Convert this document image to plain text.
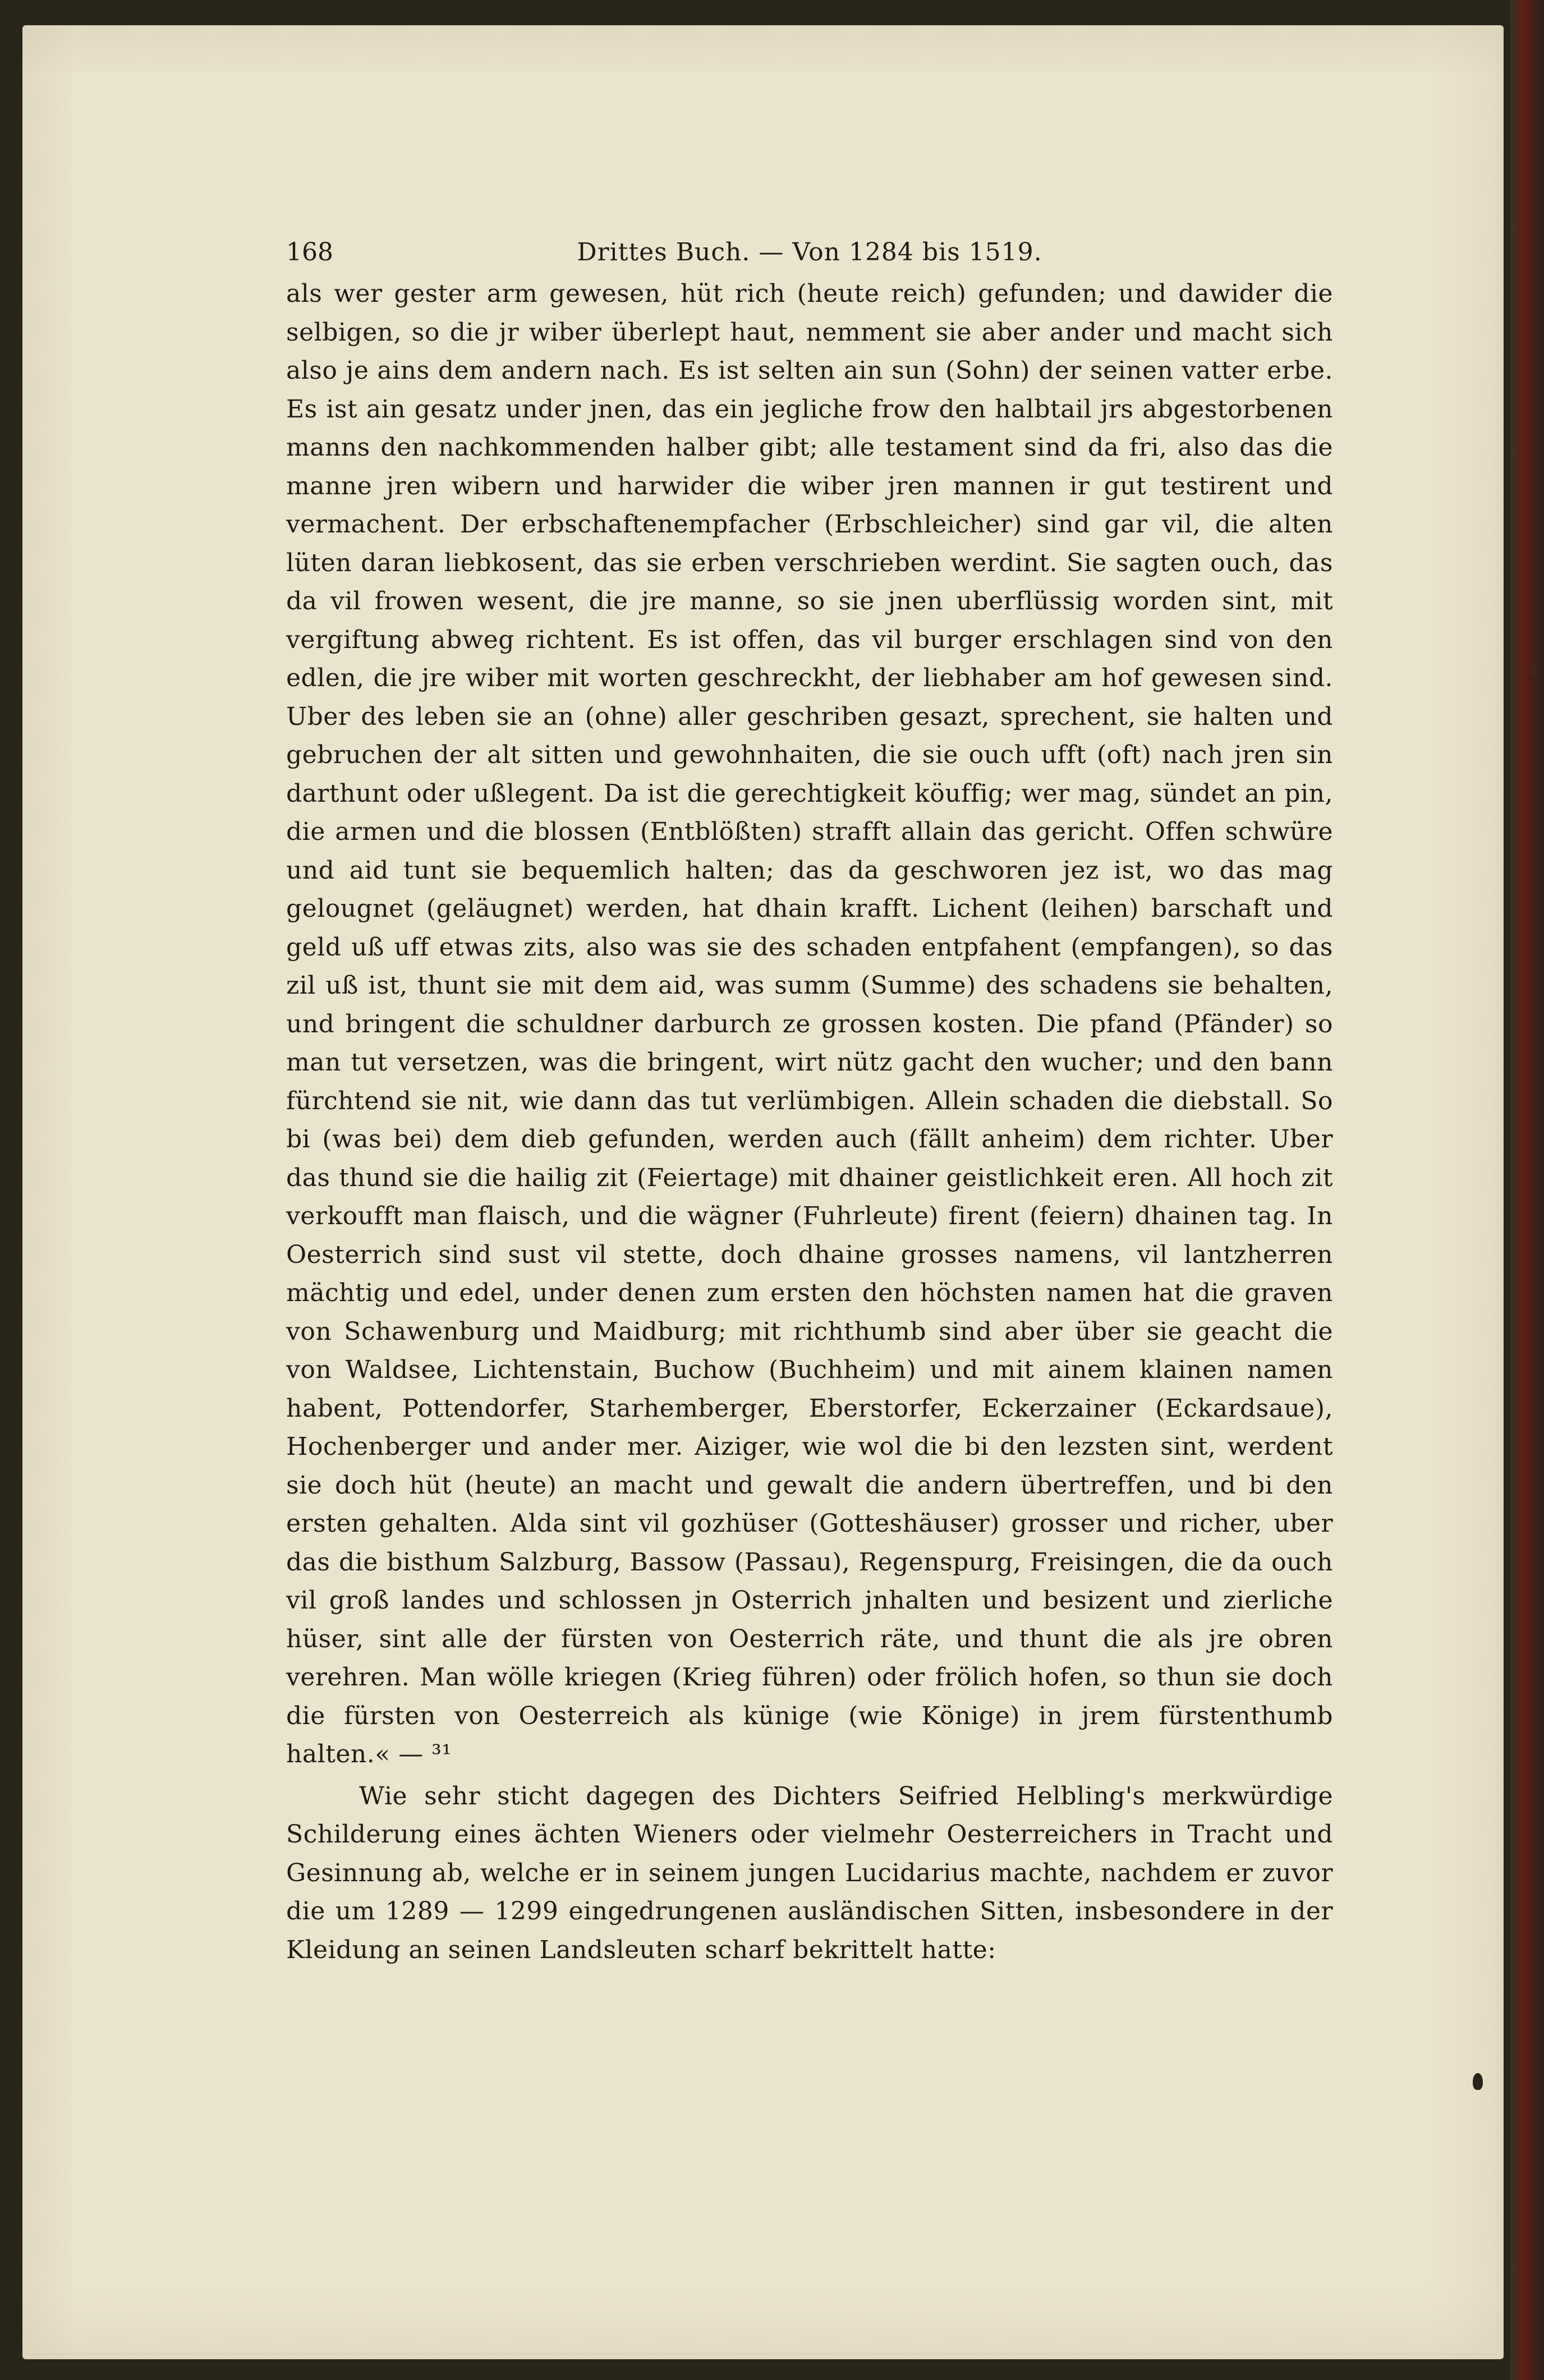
168	Drittes Buch. — Von 1284 bis 1519.

als wer gester arm gewesen, hüt rich (heute reich) gefunden; und dawider die selbigen, so die jr wiber überlept haut, nemment sie aber ander und macht sich also je ains dem andern nach. Es ist selten ain sun (Sohn) der seinen vatter erbe. Es ist ain gesatz under jnen, das ein jegliche frow den halbtail jrs abgestorbenen manns den nachkommenden halber gibt; alle testament sind da fri, also das die manne jren wibern und harwider die wiber jren mannen ir gut testirent und vermachent. Der erbschaftenempfacher (Erbschleicher) sind gar vil, die alten lüten daran liebkosent, das sie erben verschrieben werdint. Sie sagten ouch, das da vil frowen wesent, die jre manne, so sie jnen uberflüssig worden sint, mit vergiftung abweg richtent. Es ist offen, das vil burger erschlagen sind von den edlen, die jre wiber mit worten geschreckht, der liebhaber am hof gewesen sind. Uber des leben sie an (ohne) aller geschriben gesazt, sprechent, sie halten und gebruchen der alt sitten und gewohnhaiten, die sie ouch ufft (oft) nach jren sin darthunt oder ußlegent. Da ist die gerechtigkeit köuffig; wer mag, sündet an pin, die armen und die blossen (Entblößten) strafft allain das gericht. Offen schwüre und aid tunt sie bequemlich halten; das da geschworen jez ist, wo das mag gelougnet (geläugnet) werden, hat dhain krafft. Lichent (leihen) barschaft und geld uß uff etwas zits, also was sie des schaden entpfahent (empfangen), so das zil uß ist, thunt sie mit dem aid, was summ (Summe) des schadens sie behalten, und bringent die schuldner darburch ze grossen kosten. Die pfand (Pfänder) so man tut versetzen, was die bringent, wirt nütz gacht den wucher; und den bann fürchtend sie nit, wie dann das tut verlümbigen. Allein schaden die diebstall. So bi (was bei) dem dieb gefunden, werden auch (fällt anheim) dem richter. Uber das thund sie die hailig zit (Feiertage) mit dhainer geistlichkeit eren. All hoch zit verkoufft man flaisch, und die wägner (Fuhrleute) firent (feiern) dhainen tag. In Oesterrich sind sust vil stette, doch dhaine grosses namens, vil lantzherren mächtig und edel, under denen zum ersten den höchsten namen hat die graven von Schawenburg und Maidburg; mit richthumb sind aber über sie geacht die von Waldsee, Lichtenstain, Buchow (Buchheim) und mit ainem klainen namen habent, Pottendorfer, Starhemberger, Eberstorfer, Eckerzainer (Eckardsaue), Hochenberger und ander mer. Aiziger, wie wol die bi den lezsten sint, werdent sie doch hüt (heute) an macht und gewalt die andern übertreffen, und bi den ersten gehalten. Alda sint vil gozhüser (Gotteshäuser) grosser und richer, uber das die bisthum Salzburg, Bassow (Passau), Regenspurg, Freisingen, die da ouch vil groß landes und schlossen jn Osterrich jnhalten und besizent und zierliche hüser, sint alle der fürsten von Oesterrich räte, und thunt die als jre obren verehren. Man wölle kriegen (Krieg führen) oder frölich hofen, so thun sie doch die fürsten von Oesterreich als künige (wie Könige) in jrem fürstenthumb halten.« — ³¹

Wie sehr sticht dagegen des Dichters Seifried Helbling's merkwürdige Schilderung eines ächten Wieners oder vielmehr Oesterreichers in Tracht und Gesinnung ab, welche er in seinem jungen Lucidarius machte, nachdem er zuvor die um 1289 — 1299 eingedrungenen ausländischen Sitten, insbesondere in der Kleidung an seinen Landsleuten scharf bekrittelt hatte:
